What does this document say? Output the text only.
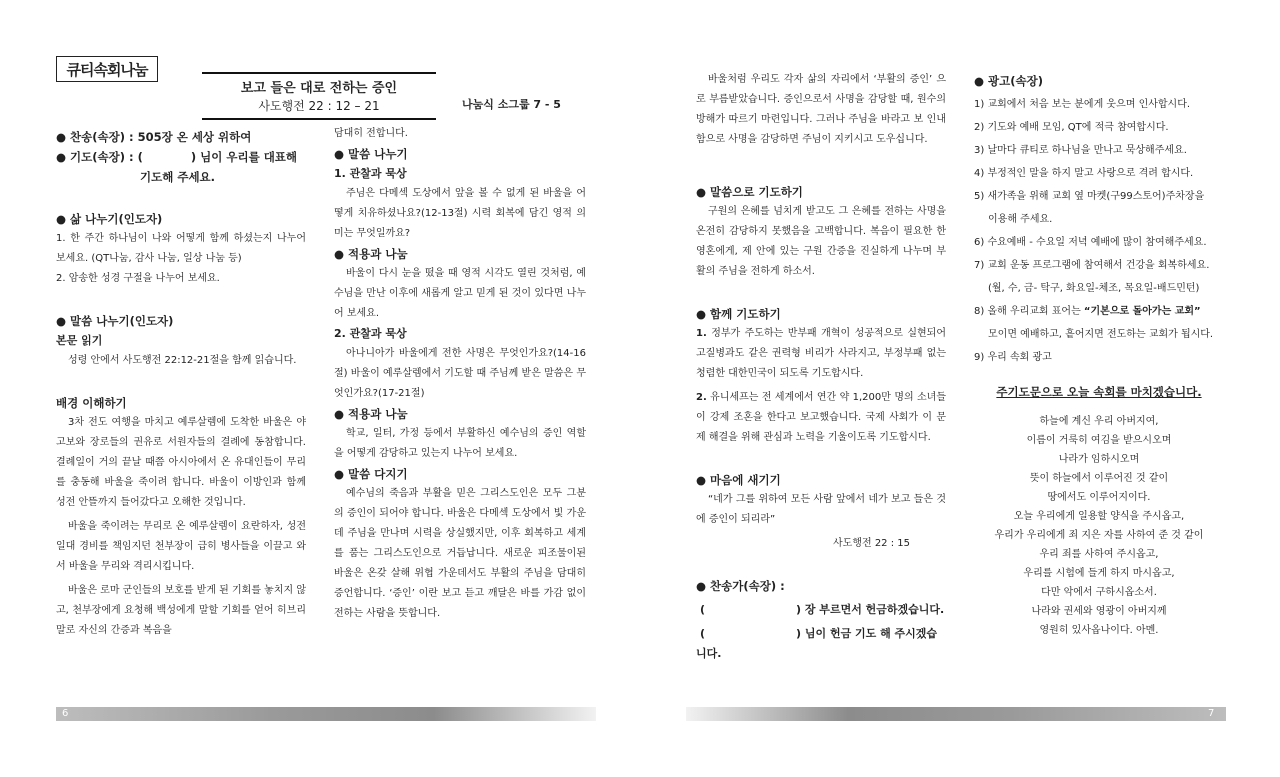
큐티속회나눔
보고 들은 대로 전하는 증인
사도행전 22 : 12 – 21	나눔식 소그룹 7 - 5

● 찬송(속장) : 505장 온 세상 위하여

● 기도(속장) : (            ) 님이 우리를 대표해

기도해 주세요.

● 삶 나누기(인도자)

1. 한 주간 하나님이 나와 어떻게 함께 하셨는지 나누어 보세요. (QT나눔, 감사 나눔, 일상 나눔 등)

2. 암송한 성경 구절을 나누어 보세요.

● 말씀 나누기(인도자)

본문 읽기

성령 안에서 사도행전 22:12-21절을 함께 읽습니다.

배경 이해하기

3차 전도 여행을 마치고 예루살렘에 도착한 바울은 야고보와 장로들의 권유로 서원자들의 결례에 동참합니다. 결례일이 거의 끝날 때쯤 아시아에서 온 유대인들이 무리를 충동해 바울을 죽이려 합니다. 바울이 이방인과 함께 성전 안뜰까지 들어갔다고 오해한 것입니다.

바울을 죽이려는 무리로 온 예루살렘이 요란하자, 성전 일대 경비를 책임지던 천부장이 급히 병사들을 이끌고 와서 바울을 무리와 격리시킵니다.

바울은 로마 군인들의 보호를 받게 된 기회를 놓치지 않고, 천부장에게 요청해 백성에게 말할 기회를 얻어 히브리 말로 자신의 간증과 복음을

담대히 전합니다.

● 말씀 나누기

1. 관찰과 묵상

주님은 다메섹 도상에서 앞을 볼 수 없게 된 바울을 어떻게 치유하셨나요?(12-13절) 시력 회복에 담긴 영적 의미는 무엇일까요?

● 적용과 나눔

바울이 다시 눈을 떴을 때 영적 시각도 열린 것처럼, 예수님을 만난 이후에 새롭게 알고 믿게 된 것이 있다면 나누어 보세요.

2. 관찰과 묵상

아나니아가 바울에게 전한 사명은 무엇인가요?(14-16절) 바울이 예루살렘에서 기도할 때 주님께 받은 말씀은 무엇인가요?(17-21절)

● 적용과 나눔

학교, 일터, 가정 등에서 부활하신 예수님의 증인 역할을 어떻게 감당하고 있는지 나누어 보세요.

● 말씀 다지기

예수님의 죽음과 부활을 믿은 그리스도인은 모두 그분의 증인이 되어야 합니다. 바울은 다메섹 도상에서 빛 가운데 주님을 만나며 시력을 상실했지만, 이후 회복하고 세계를 품는 그리스도인으로 거듭납니다. 새로운 피조물이된 바울은 온갖 살해 위협 가운데서도 부활의 주님을 담대히 증언합니다. ‘증인’ 이란 보고 듣고 깨달은 바를 가감 없이 전하는 사람을 뜻합니다.

바울처럼 우리도 각자 삶의 자리에서 ‘부활의 증인’ 으로 부름받았습니다. 증인으로서 사명을 감당할 때, 원수의 방해가 따르기 마련입니다. 그러나 주님을 바라고 보 인내함으로 사명을 감당하면 주님이 지키시고 도우십니다.

● 말씀으로 기도하기

구원의 은혜를 넘치게 받고도 그 은혜를 전하는 사명을 온전히 감당하지 못했음을 고백합니다. 복음이 필요한 한 영혼에게, 제 안에 있는 구원 간증을 진실하게 나누며 부활의 주님을 전하게 하소서.

● 함께 기도하기

1. 정부가 주도하는 반부패 개혁이 성공적으로 실현되어 고질병과도 같은 권력형 비리가 사라지고, 부정부패 없는 청렴한 대한민국이 되도록 기도합시다.

2. 유니세프는 전 세계에서 연간 약 1,200만 명의 소녀들이 강제 조혼을 한다고 보고했습니다. 국제 사회가 이 문제 해결을 위해 관심과 노력을 기울이도록 기도합시다.

● 마음에 새기기

“네가 그를 위하여 모든 사람 앞에서 네가 보고 들은 것에 증인이 되리라”

사도행전 22 : 15

● 찬송가(속장) :

(	) 장 부르면서 헌금하겠습니다.

(	) 님이 헌금 기도 해 주시겠습니다.

● 광고(속장)

1) 교회에서 처음 보는 분에게 웃으며 인사합시다.

2) 기도와 예배 모임, QT에 적극 참여합시다.

3) 날마다 큐티로 하나님을 만나고 묵상해주세요.

4) 부정적인 말을 하지 말고 사랑으로 격려 합시다.

5) 새가족을 위해 교회 옆 마켓(구99스토어)주차장을

이용해 주세요.

6) 수요예배 - 수요일 저녁 예배에 많이 참여해주세요.

7) 교회 운동 프로그램에 참여해서 건강을 회복하세요.

(월, 수, 금- 탁구, 화요일-체조, 목요일-배드민턴)

8) 올해 우리교회 표어는 “기본으로 돌아가는 교회”

모이면 예배하고, 흩어지면 전도하는 교회가 됩시다.

9) 우리 속회 광고

주기도문으로 오늘 속회를 마치겠습니다.

하늘에 계신 우리 아버지여,

이름이 거룩히 여김을 받으시오며

나라가 임하시오며

뜻이 하늘에서 이루어진 것 같이

땅에서도 이루어지이다.

오늘 우리에게 일용할 양식을 주시옵고,

우리가 우리에게 죄 지은 자를 사하여 준 것 같이

우리 죄를 사하여 주시옵고,

우리를 시험에 들게 하지 마시옵고,

다만 악에서 구하시옵소서.

나라와 권세와 영광이 아버지께

영원히 있사옵나이다. 아멘.

6	7
